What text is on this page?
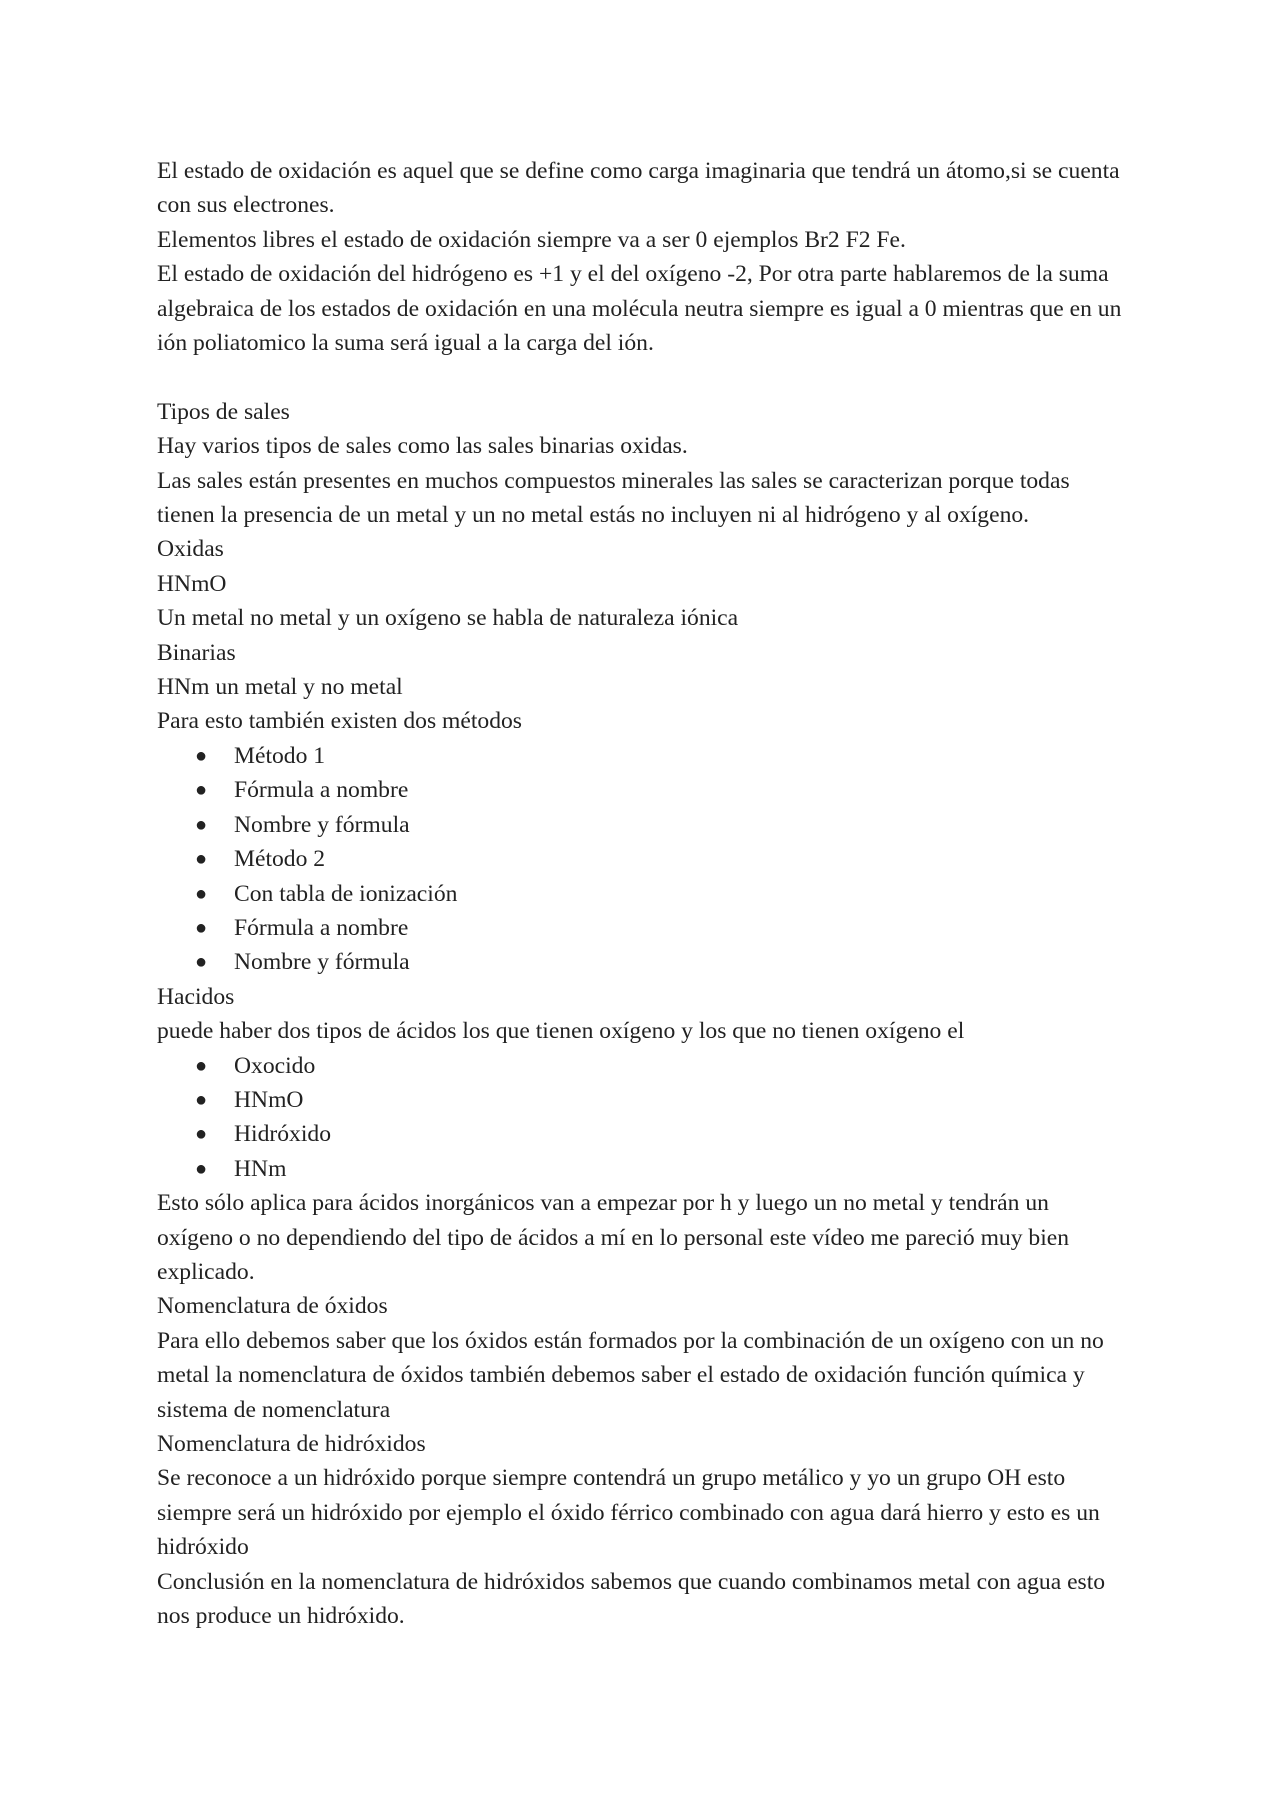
El estado de oxidación es aquel que se define como carga imaginaria que tendrá un átomo,si se cuenta con sus electrones.

Elementos libres el estado de oxidación siempre va a ser 0 ejemplos Br2 F2 Fe.

El estado de oxidación del hidrógeno es +1 y el del oxígeno -2, Por otra parte hablaremos de la suma algebraica de los estados de oxidación en una molécula neutra siempre es igual a 0 mientras que en un ión poliatomico la suma será igual a la carga del ión.

Tipos de sales

Hay varios tipos de sales como las sales binarias oxidas.

Las sales están presentes en muchos compuestos minerales las sales se caracterizan porque todas tienen la presencia de un metal y un no metal estás no incluyen ni al hidrógeno y al oxígeno.

Oxidas

HNmO

Un metal no metal y un oxígeno se habla de naturaleza iónica

Binarias

HNm un metal y no metal

Para esto también existen dos métodos

● Método 1
● Fórmula a nombre
● Nombre y fórmula
● Método 2
● Con tabla de ionización
● Fórmula a nombre
● Nombre y fórmula

Hacidos

puede haber dos tipos de ácidos los que tienen oxígeno y los que no tienen oxígeno el

● Oxocido
● HNmO
● Hidróxido
● HNm

Esto sólo aplica para ácidos inorgánicos van a empezar por h y luego un no metal y tendrán un oxígeno o no dependiendo del tipo de ácidos a mí en lo personal este vídeo me pareció muy bien explicado.

Nomenclatura de óxidos

Para ello debemos saber que los óxidos están formados por la combinación de un oxígeno con un no metal la nomenclatura de óxidos también debemos saber el estado de oxidación función química y sistema de nomenclatura

Nomenclatura de hidróxidos

Se reconoce a un hidróxido porque siempre contendrá un grupo metálico y yo un grupo OH esto siempre será un hidróxido por ejemplo el óxido férrico combinado con agua dará hierro y esto es un hidróxido

Conclusión en la nomenclatura de hidróxidos sabemos que cuando combinamos metal con agua esto nos produce un hidróxido.
